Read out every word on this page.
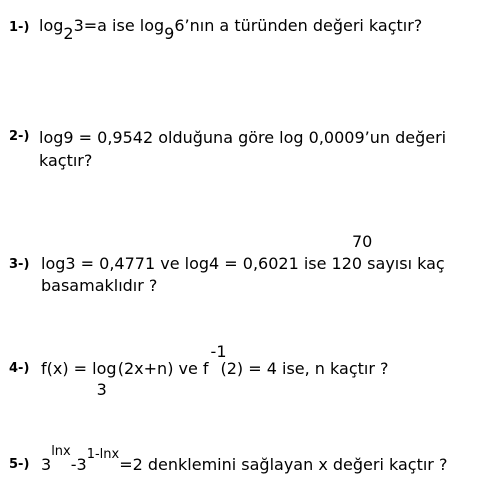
1-) log23=a ise log96’nın a türünden değeri kaçtır?
2-) log9 = 0,9542 olduğuna göre log 0,0009’un değeri
kaçtır?
70
3-) log3 = 0,4771 ve log4 = 0,6021 ise 120 sayısı kaç
basamaklıdır ?
4-) f(x) = log3(2x+n) ve f-1(2) = 4 ise, n kaçtır ?
5-) $3^{lnx}-3^{1-lnx}=2$ denklemini sağlayan x değeri kaçtır ?
